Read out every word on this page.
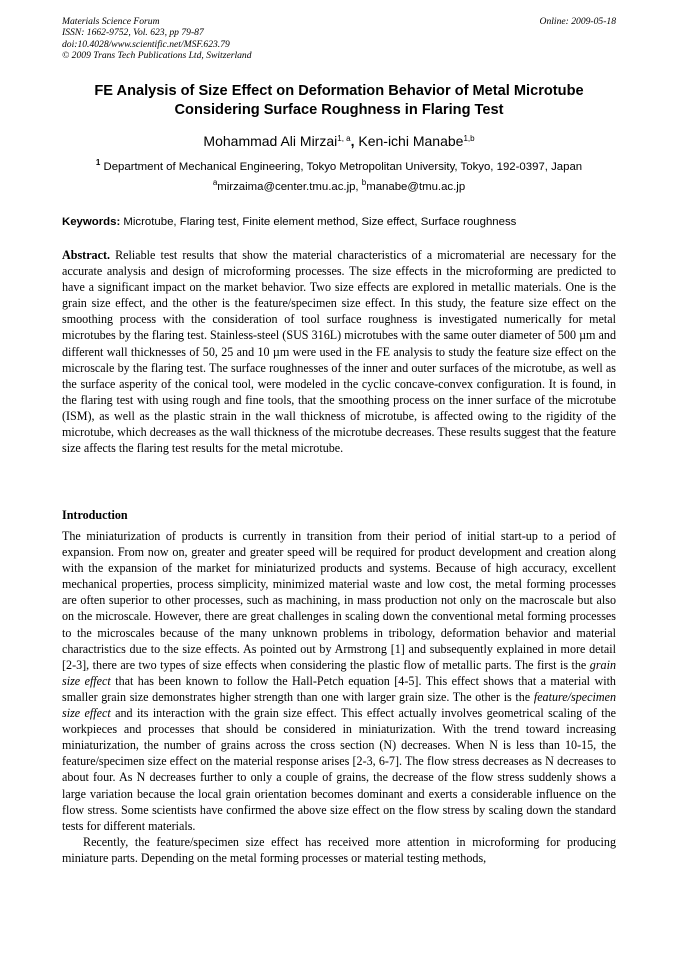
Materials Science Forum
ISSN: 1662-9752, Vol. 623, pp 79-87
doi:10.4028/www.scientific.net/MSF.623.79
© 2009 Trans Tech Publications Ltd, Switzerland
Online: 2009-05-18
FE Analysis of Size Effect on Deformation Behavior of Metal Microtube
Considering Surface Roughness in Flaring Test
Mohammad Ali Mirzai$^{1, a}$, Ken-ichi Manabe$^{1,b}$
$^1$ Department of Mechanical Engineering, Tokyo Metropolitan University, Tokyo, 192-0397, Japan
$^a$mirzaima@center.tmu.ac.jp, $^b$manabe@tmu.ac.jp
Keywords: Microtube, Flaring test, Finite element method, Size effect, Surface roughness
Abstract. Reliable test results that show the material characteristics of a micromaterial are necessary for the accurate analysis and design of microforming processes. The size effects in the microforming are predicted to have a significant impact on the market behavior. Two size effects are explored in metallic materials. One is the grain size effect, and the other is the feature/specimen size effect. In this study, the feature size effect on the smoothing process with the consideration of tool surface roughness is investigated numerically for metal microtubes by the flaring test. Stainless-steel (SUS 316L) microtubes with the same outer diameter of 500 µm and different wall thicknesses of 50, 25 and 10 µm were used in the FE analysis to study the feature size effect on the microscale by the flaring test. The surface roughnesses of the inner and outer surfaces of the microtube, as well as the surface asperity of the conical tool, were modeled in the cyclic concave-convex configuration. It is found, in the flaring test with using rough and fine tools, that the smoothing process on the inner surface of the microtube (ISM), as well as the plastic strain in the wall thickness of microtube, is affected owing to the rigidity of the microtube, which decreases as the wall thickness of the microtube decreases. These results suggest that the feature size affects the flaring test results for the metal microtube.
Introduction

The miniaturization of products is currently in transition from their period of initial start-up to a period of expansion. From now on, greater and greater speed will be required for product development and creation along with the expansion of the market for miniaturized products and systems. Because of high accuracy, excellent mechanical properties, process simplicity, minimized material waste and low cost, the metal forming processes are often superior to other processes, such as machining, in mass production not only on the macroscale but also on the microscale. However, there are great challenges in scaling down the conventional metal forming processes to the microscales because of the many unknown problems in tribology, deformation behavior and material charactristics due to the size effects. As pointed out by Armstrong [1] and subsequently explained in more detail [2-3], there are two types of size effects when considering the plastic flow of metallic parts. The first is the grain size effect that has been known to follow the Hall-Petch equation [4-5]. This effect shows that a material with smaller grain size demonstrates higher strength than one with larger grain size. The other is the feature/specimen size effect and its interaction with the grain size effect. This effect actually involves geometrical scaling of the workpieces and processes that should be considered in miniaturization. With the trend toward increasing miniaturization, the number of grains across the cross section (N) decreases. When N is less than 10-15, the feature/specimen size effect on the material response arises [2-3, 6-7]. The flow stress decreases as N decreases to about four. As N decreases further to only a couple of grains, the decrease of the flow stress suddenly shows a large variation because the local grain orientation becomes dominant and exerts a considerable influence on the flow stress. Some scientists have confirmed the above size effect on the flow stress by scaling down the standard tests for different materials.

Recently, the feature/specimen size effect has received more attention in microforming for producing miniature parts. Depending on the metal forming processes or material testing methods,
